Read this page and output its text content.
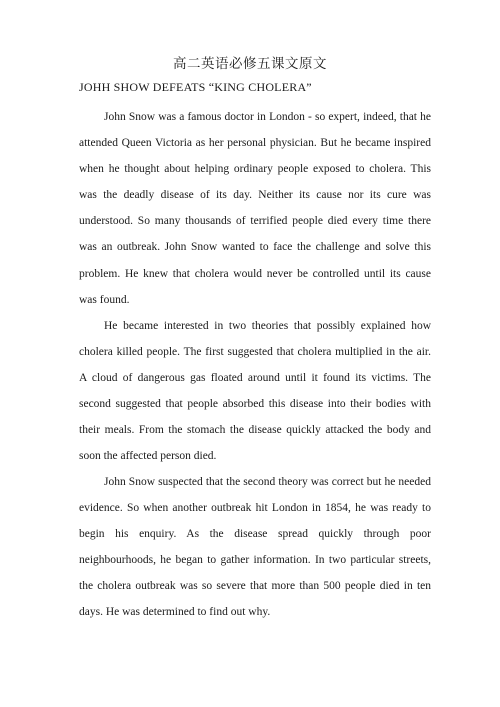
高二英语必修五课文原文
JOHH SHOW DEFEATS “KING CHOLERA”

John Snow was a famous doctor in London - so expert, indeed, that he attended Queen Victoria as her personal physician. But he became inspired when he thought about helping ordinary people exposed to cholera. This was the deadly disease of its day. Neither its cause nor its cure was understood. So many thousands of terrified people died every time there was an outbreak. John Snow wanted to face the challenge and solve this problem. He knew that cholera would never be controlled until its cause was found.

He became interested in two theories that possibly explained how cholera killed people. The first suggested that cholera multiplied in the air. A cloud of dangerous gas floated around until it found its victims. The second suggested that people absorbed this disease into their bodies with their meals. From the stomach the disease quickly attacked the body and soon the affected person died.

John Snow suspected that the second theory was correct but he needed evidence. So when another outbreak hit London in 1854, he was ready to begin his enquiry. As the disease spread quickly through poor neighbourhoods, he began to gather information. In two particular streets, the cholera outbreak was so severe that more than 500 people died in ten days. He was determined to find out why.
